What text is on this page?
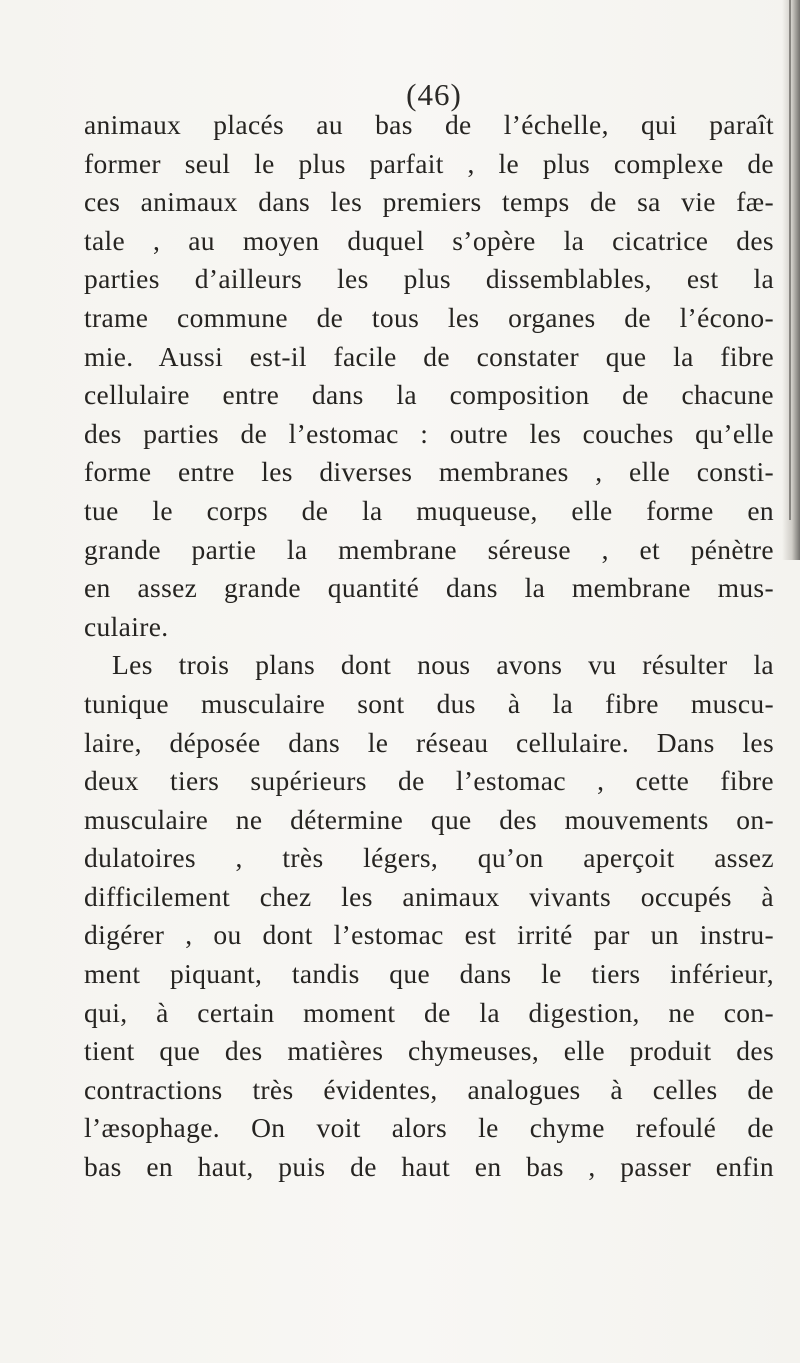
(46)
animaux placés au bas de l’échelle, qui paraît
former seul le plus parfait , le plus complexe de
ces animaux dans les premiers temps de sa vie fæ-
tale , au moyen duquel s’opère la cicatrice des
parties d’ailleurs les plus dissemblables, est la
trame commune de tous les organes de l’écono-
mie. Aussi est-il facile de constater que la fibre
cellulaire entre dans la composition de chacune
des parties de l’estomac : outre les couches qu’elle
forme entre les diverses membranes , elle consti-
tue le corps de la muqueuse, elle forme en
grande partie la membrane séreuse , et pénètre
en assez grande quantité dans la membrane mus-
culaire.
Les trois plans dont nous avons vu résulter la
tunique musculaire sont dus à la fibre muscu-
laire, déposée dans le réseau cellulaire. Dans les
deux tiers supérieurs de l’estomac , cette fibre
musculaire ne détermine que des mouvements on-
dulatoires , très légers, qu’on aperçoit assez
difficilement chez les animaux vivants occupés à
digérer , ou dont l’estomac est irrité par un instru-
ment piquant, tandis que dans le tiers inférieur,
qui, à certain moment de la digestion, ne con-
tient que des matières chymeuses, elle produit des
contractions très évidentes, analogues à celles de
l’æsophage. On voit alors le chyme refoulé de
bas en haut, puis de haut en bas , passer enfin
